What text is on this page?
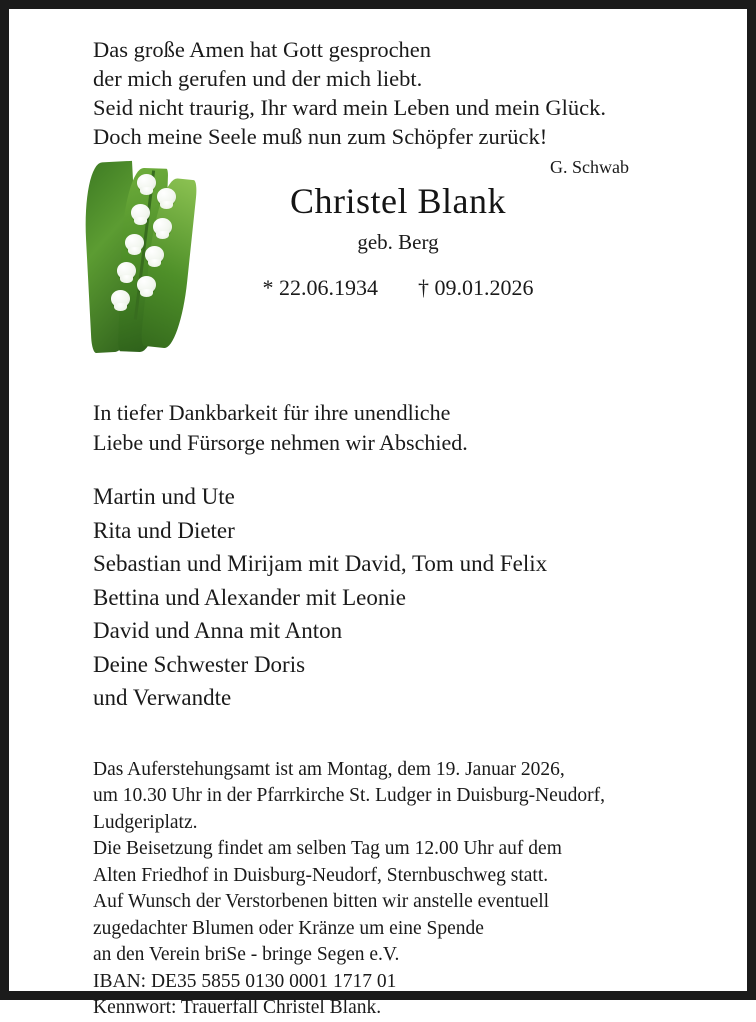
Das große Amen hat Gott gesprochen
der mich gerufen und der mich liebt.
Seid nicht traurig, Ihr ward mein Leben und mein Glück.
Doch meine Seele muß nun zum Schöpfer zurück!
G. Schwab
Christel Blank
geb. Berg
* 22.06.1934 † 09.01.2026
In tiefer Dankbarkeit für ihre unendliche
Liebe und Fürsorge nehmen wir Abschied.
Martin und Ute
Rita und Dieter
Sebastian und Mirijam mit David, Tom und Felix
Bettina und Alexander mit Leonie
David und Anna mit Anton
Deine Schwester Doris
und Verwandte
Das Auferstehungsamt ist am Montag, dem 19. Januar 2026,
um 10.30 Uhr in der Pfarrkirche St. Ludger in Duisburg-Neudorf,
Ludgeriplatz.
Die Beisetzung findet am selben Tag um 12.00 Uhr auf dem
Alten Friedhof in Duisburg-Neudorf, Sternbuschweg statt.
Auf Wunsch der Verstorbenen bitten wir anstelle eventuell
zugedachter Blumen oder Kränze um eine Spende
an den Verein briSe - bringe Segen e.V.
IBAN: DE35 5855 0130 0001 1717 01
Kennwort: Trauerfall Christel Blank.
